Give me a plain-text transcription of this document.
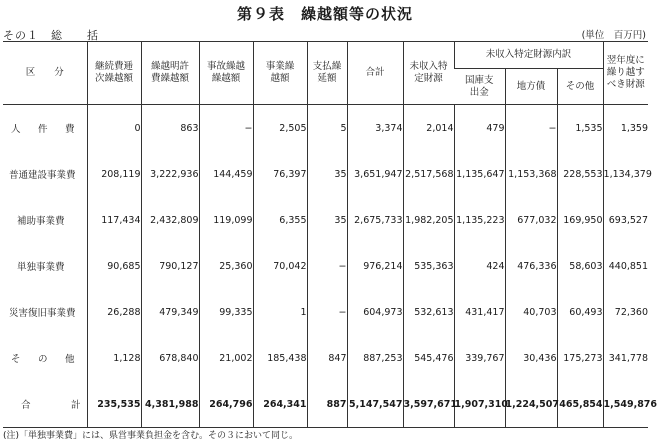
第９表　繰越額等の状況
その１　総　　括	(単位　百万円)
区　　分	継続費逓次繰越額	繰越明許費繰越額	事故繰越繰越額	事業繰越額	支払繰延額	合計	未収入特定財源	未収入特定財源内訳			翌年度に繰り越すべき財源
								国庫支出金	地方債	その他	

人　件　費	0	863	−	2,505	5	3,374	2,014	479	−	1,535	1,359

普通建設事業費	208,119	3,222,936	144,459	76,397	35	3,651,947	2,517,568	1,135,647	1,153,368	228,553	1,134,379

補助事業費	117,434	2,432,809	119,099	6,355	35	2,675,733	1,982,205	1,135,223	677,032	169,950	693,527

単独事業費	90,685	790,127	25,360	70,042	−	976,214	535,363	424	476,336	58,603	440,851

災害復旧事業費	26,288	479,349	99,335	1	−	604,973	532,613	431,417	40,703	60,493	72,360

そ　の　他	1,128	678,840	21,002	185,438	847	887,253	545,476	339,767	30,436	175,273	341,778

合　　　　計	235,535	4,381,988	264,796	264,341	887	5,147,547	3,597,671	1,907,310	1,224,507	465,854	1,549,876
(注)「単独事業費」には、県営事業負担金を含む。その３において同じ。
